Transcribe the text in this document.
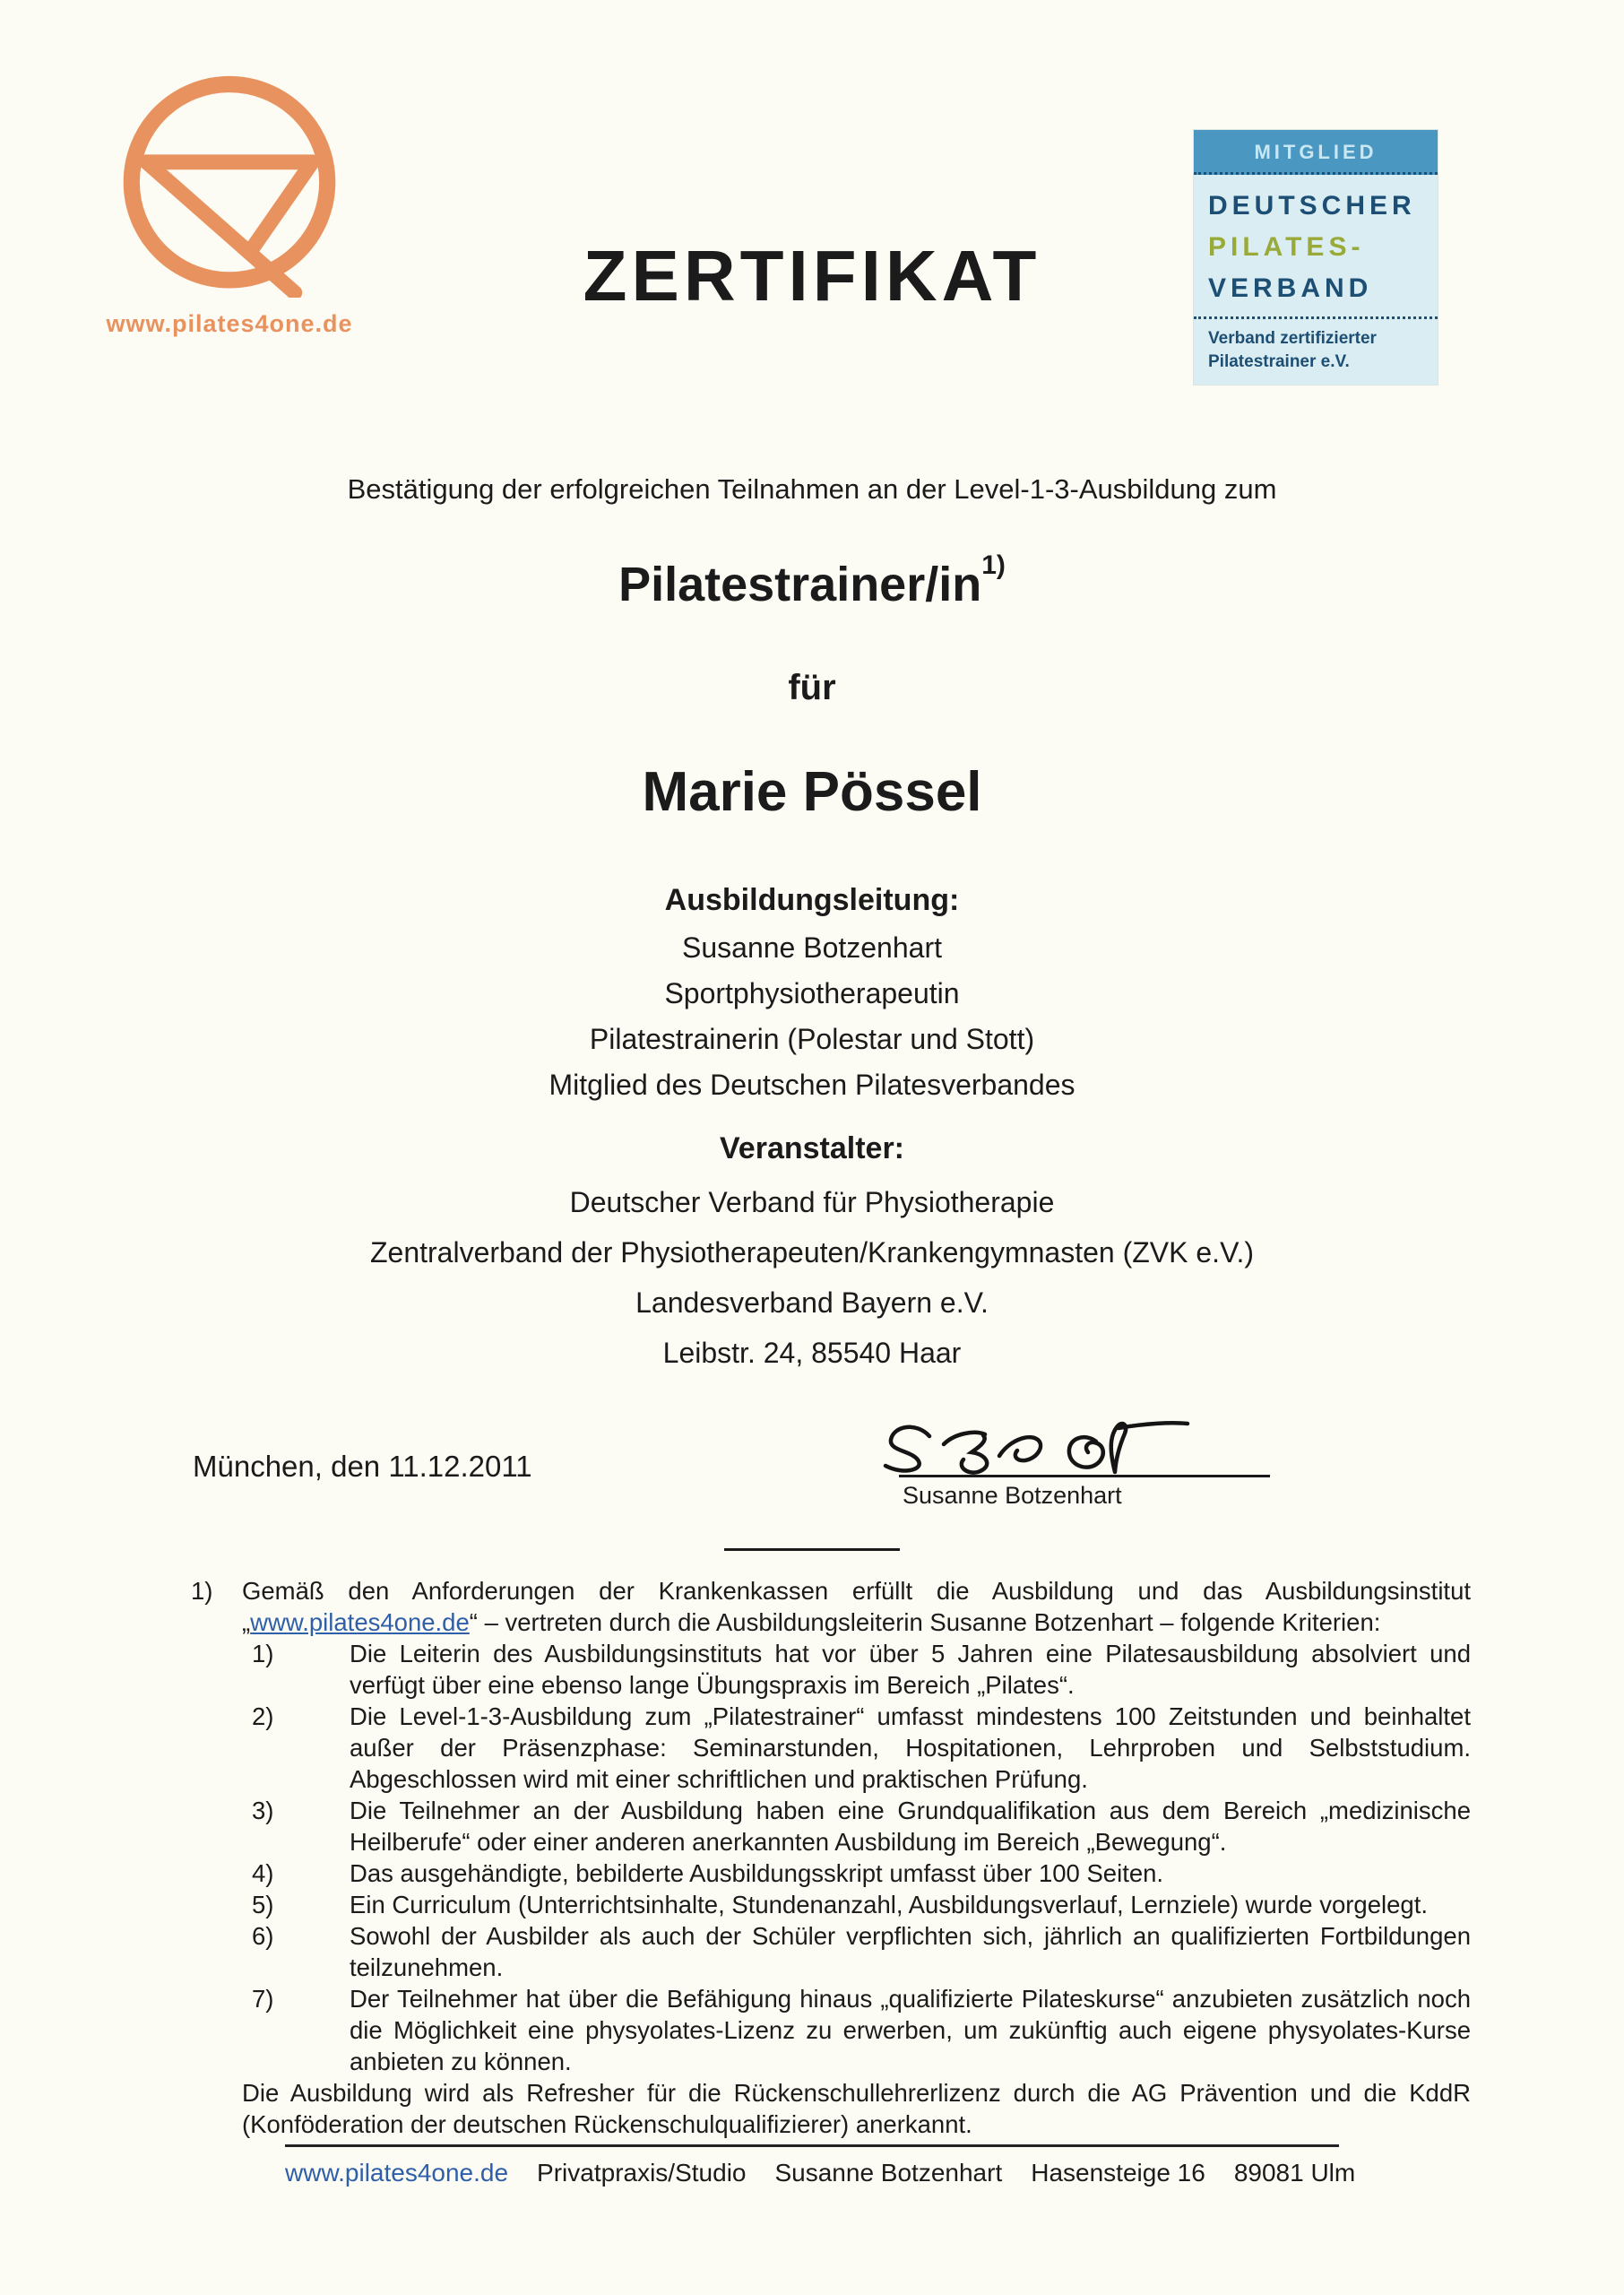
www.pilates4one.de
ZERTIFIKAT
MITGLIED
DEUTSCHER
PILATES-
VERBAND
Verband zertifizierter
Pilatestrainer e.V.
Bestätigung der erfolgreichen Teilnahmen an der Level-1-3-Ausbildung zum
Pilatestrainer/$in^{1)}$
für
Marie Pössel
Ausbildungsleitung:
Susanne Botzenhart
Sportphysiotherapeutin
Pilatestrainerin (Polestar und Stott)
Mitglied des Deutschen Pilatesverbandes
Veranstalter:
Deutscher Verband für Physiotherapie
Zentralverband der Physiotherapeuten/Krankengymnasten (ZVK e.V.)
Landesverband Bayern e.V.
Leibstr. 24, 85540 Haar
München, den 11.12.2011
Susanne Botzenhart
1) Gemäß den Anforderungen der Krankenkassen erfüllt die Ausbildung und das Ausbildungsinstitut „www.pilates4one.de“ – vertreten durch die Ausbildungsleiterin Susanne Botzenhart – folgende Kriterien:
1)	Die Leiterin des Ausbildungsinstituts hat vor über 5 Jahren eine Pilatesausbildung absolviert und verfügt über eine ebenso lange Übungspraxis im Bereich „Pilates“.
2)	Die Level-1-3-Ausbildung zum „Pilatestrainer“ umfasst mindestens 100 Zeitstunden und beinhaltet außer der Präsenzphase: Seminarstunden, Hospitationen, Lehrproben und Selbststudium. Abgeschlossen wird mit einer schriftlichen und praktischen Prüfung.
3)	Die Teilnehmer an der Ausbildung haben eine Grundqualifikation aus dem Bereich „medizinische Heilberufe“ oder einer anderen anerkannten Ausbildung im Bereich „Bewegung“.
4)	Das ausgehändigte, bebilderte Ausbildungsskript umfasst über 100 Seiten.
5)	Ein Curriculum (Unterrichtsinhalte, Stundenanzahl, Ausbildungsverlauf, Lernziele) wurde vorgelegt.
6)	Sowohl der Ausbilder als auch der Schüler verpflichten sich, jährlich an qualifizierten Fortbildungen teilzunehmen.
7)	Der Teilnehmer hat über die Befähigung hinaus „qualifizierte Pilateskurse“ anzubieten zusätzlich noch die Möglichkeit eine physyolates-Lizenz zu erwerben, um zukünftig auch eigene physyolates-Kurse anbieten zu können.
Die Ausbildung wird als Refresher für die Rückenschullehrerlizenz durch die AG Prävention und die KddR (Konföderation der deutschen Rückenschulqualifizierer) anerkannt.
www.pilates4one.de Privatpraxis/Studio Susanne Botzenhart Hasensteige 16 89081 Ulm
